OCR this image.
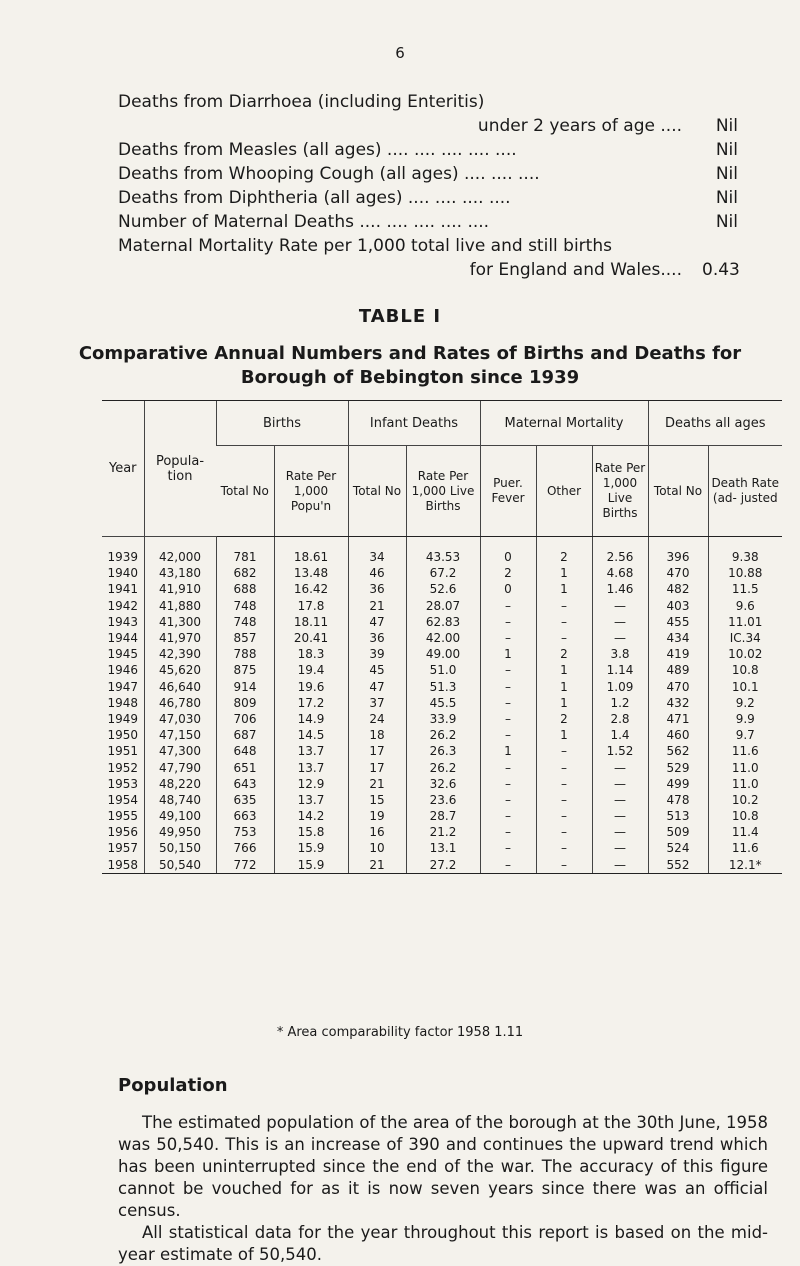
6
Deaths from Diarrhoea (including Enteritis)
under 2 years of age ....	Nil
Deaths from Measles (all ages) .... .... .... .... ....	Nil
Deaths from Whooping Cough (all ages) .... .... ....	Nil
Deaths from Diphtheria (all ages) .... .... .... ....	Nil
Number of Maternal Deaths .... .... .... .... ....	Nil
Maternal Mortality Rate per 1,000 total live and still births
for England and Wales....	0.43
TABLE I
Comparative Annual Numbers and Rates of Births and Deaths for Borough of Bebington since 1939
Year	Popula- tion	Births		Infant Deaths		Maternal Mortality			Deaths all ages	
		Total No	Rate Per 1,000 Popu'n	Total No	Rate Per 1,000 Live Births	Puer. Fever	Other	Rate Per 1,000 Live Births	Total No	Death Rate (ad- justed
1939	42,000	781	18.61	34	43.53	0	2	2.56	396	9.38
1940	43,180	682	13.48	46	67.2	2	1	4.68	470	10.88
1941	41,910	688	16.42	36	52.6	0	1	1.46	482	11.5
1942	41,880	748	17.8	21	28.07	–	–	—	403	9.6
1943	41,300	748	18.11	47	62.83	–	–	—	455	11.01
1944	41,970	857	20.41	36	42.00	–	–	—	434	IC.34
1945	42,390	788	18.3	39	49.00	1	2	3.8	419	10.02
1946	45,620	875	19.4	45	51.0	–	1	1.14	489	10.8
1947	46,640	914	19.6	47	51.3	–	1	1.09	470	10.1
1948	46,780	809	17.2	37	45.5	–	1	1.2	432	9.2
1949	47,030	706	14.9	24	33.9	–	2	2.8	471	9.9
1950	47,150	687	14.5	18	26.2	–	1	1.4	460	9.7
1951	47,300	648	13.7	17	26.3	1	–	1.52	562	11.6
1952	47,790	651	13.7	17	26.2	–	–	—	529	11.0
1953	48,220	643	12.9	21	32.6	–	–	—	499	11.0
1954	48,740	635	13.7	15	23.6	–	–	—	478	10.2
1955	49,100	663	14.2	19	28.7	–	–	—	513	10.8
1956	49,950	753	15.8	16	21.2	–	–	—	509	11.4
1957	50,150	766	15.9	10	13.1	–	–	—	524	11.6
1958	50,540	772	15.9	21	27.2	–	–	—	552	12.1*
* Area comparability factor 1958 1.11
Population

The estimated population of the area of the borough at the 30th June, 1958 was 50,540. This is an increase of 390 and continues the upward trend which has been uninterrupted since the end of the war. The accuracy of this figure cannot be vouched for as it is now seven years since there was an official census.

All statistical data for the year throughout this report is based on the mid-year estimate of 50,540.
